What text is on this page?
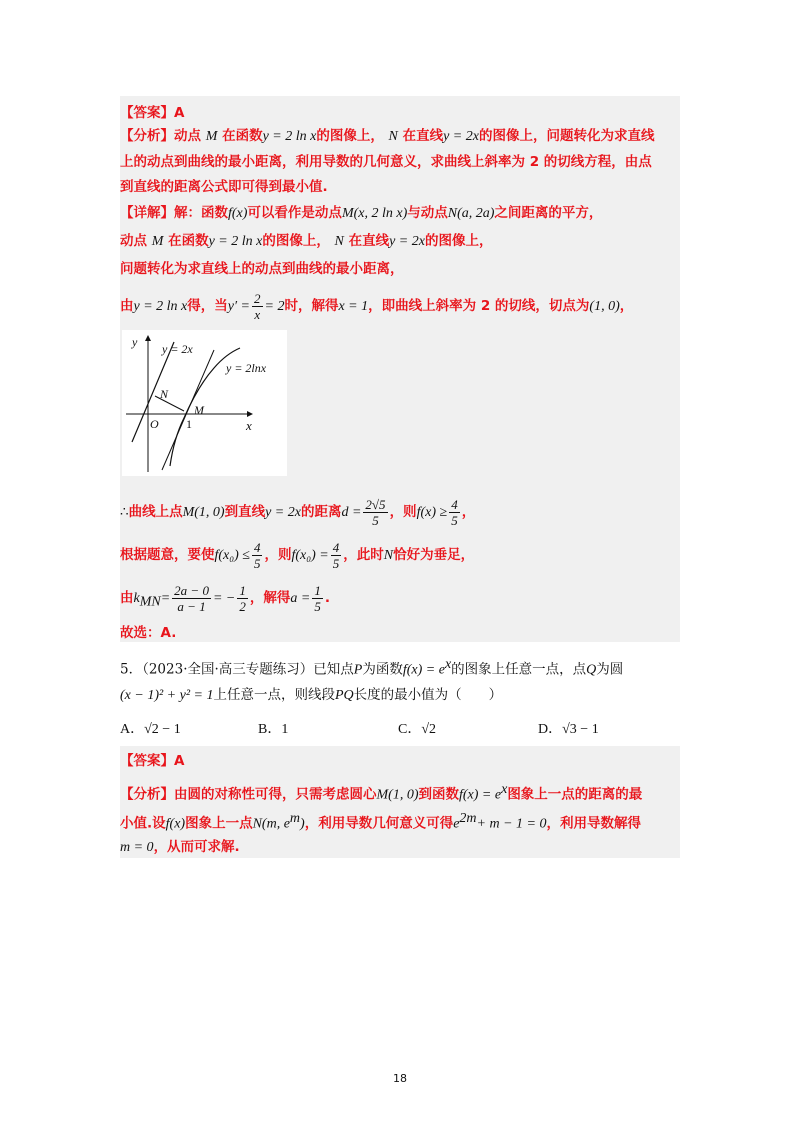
【答案】A
【分析】动点 M 在函数y = 2 ln x的图像上， N 在直线y = 2x的图像上，问题转化为求直线
上的动点到曲线的最小距离，利用导数的几何意义，求曲线上斜率为 2 的切线方程，由点
到直线的距离公式即可得到最小值.
【详解】解：函数f(x)可以看作是动点M(x, 2 ln x)与动点N(a, 2a)之间距离的平方，
动点 M 在函数y = 2 ln x的图像上， N 在直线y = 2x的图像上，
问题转化为求直线上的动点到曲线的最小距离，
由y = 2 ln x得，当$y' = \frac{2}{x} = 2$时，解得x = 1，即曲线上斜率为 2 的切线，切点为(1, 0)，
y
x
O 1
N
M
y = 2x
y = 2lnx
∴曲线上点M(1, 0)到直线y = 2x的距离$d = \frac{2√5}{5}$ ，则$f(x) \ge \frac{4}{5}$ ，
根据题意，要使$f(x_0) \le \frac{4}{5}$ ，则$f(x_0) = \frac{4}{5}$ ，此时N恰好为垂足，
由$k_{MN}= \frac{2a - 0}{a - 1}$ = − $\frac{1}{2}$ ，解得$a = \frac{1}{5}$ .
故选：A.
5．（2023·全国·高三专题练习）已知点P为函数$f(x) = e^x$的图象上任意一点，点Q为圆
(x − 1)² + y² = 1上任意一点，则线段PQ长度的最小值为（　　）
A．√2 − 1	B．1	C．√2	D．√3 − 1
【答案】A
【分析】由圆的对称性可得，只需考虑圆心M(1, 0)到函数$f(x) = e^x$图象上一点的距离的最
小值.设f(x)图象上一点N(m, $e^m$)，利用导数几何意义可得$e^{2m}+ m - 1 = 0$，利用导数解得
m = 0，从而可求解.
18
